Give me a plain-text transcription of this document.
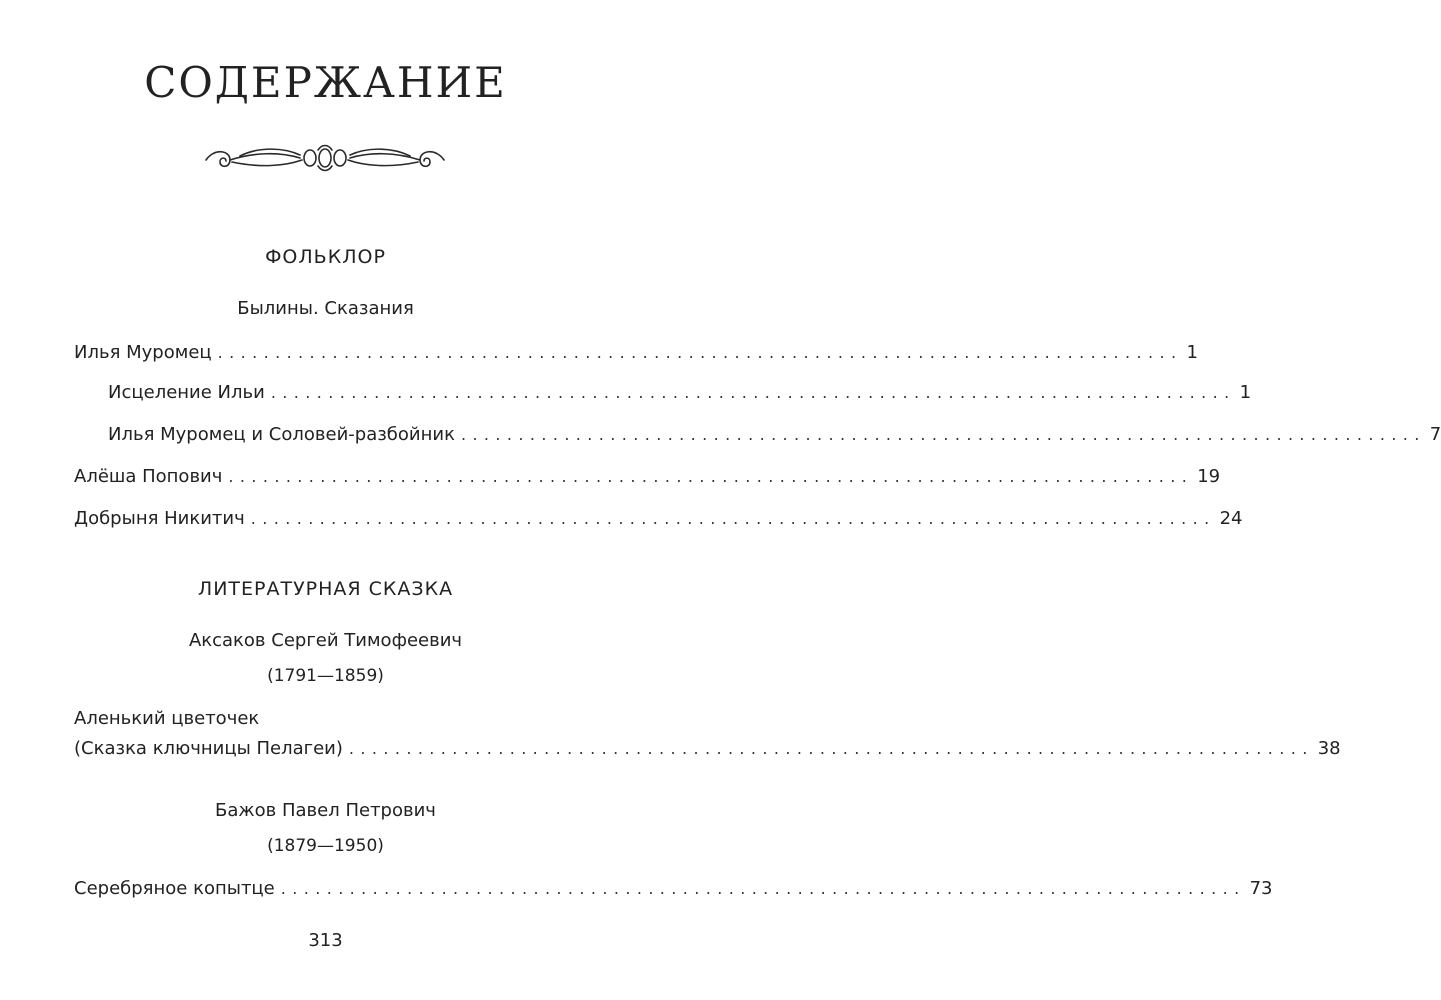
СОДЕРЖАНИЕ

ФОЛЬКЛОР

Былины. Сказания

Илья Муромец .................................................................................... 1
Исцеление Ильи .................................................................................... 1
Илья Муромец и Соловей-разбойник .................................................................................... 7
Алёша Попович .................................................................................... 19
Добрыня Никитич .................................................................................... 24

ЛИТЕРАТУРНАЯ СКАЗКА

Аксаков Сергей Тимофеевич

(1791—1859)

Аленький цветочек

(Сказка ключницы Пелагеи) .................................................................................... 38

Бажов Павел Петрович

(1879—1950)

Серебряное копытце .................................................................................... 73

313
